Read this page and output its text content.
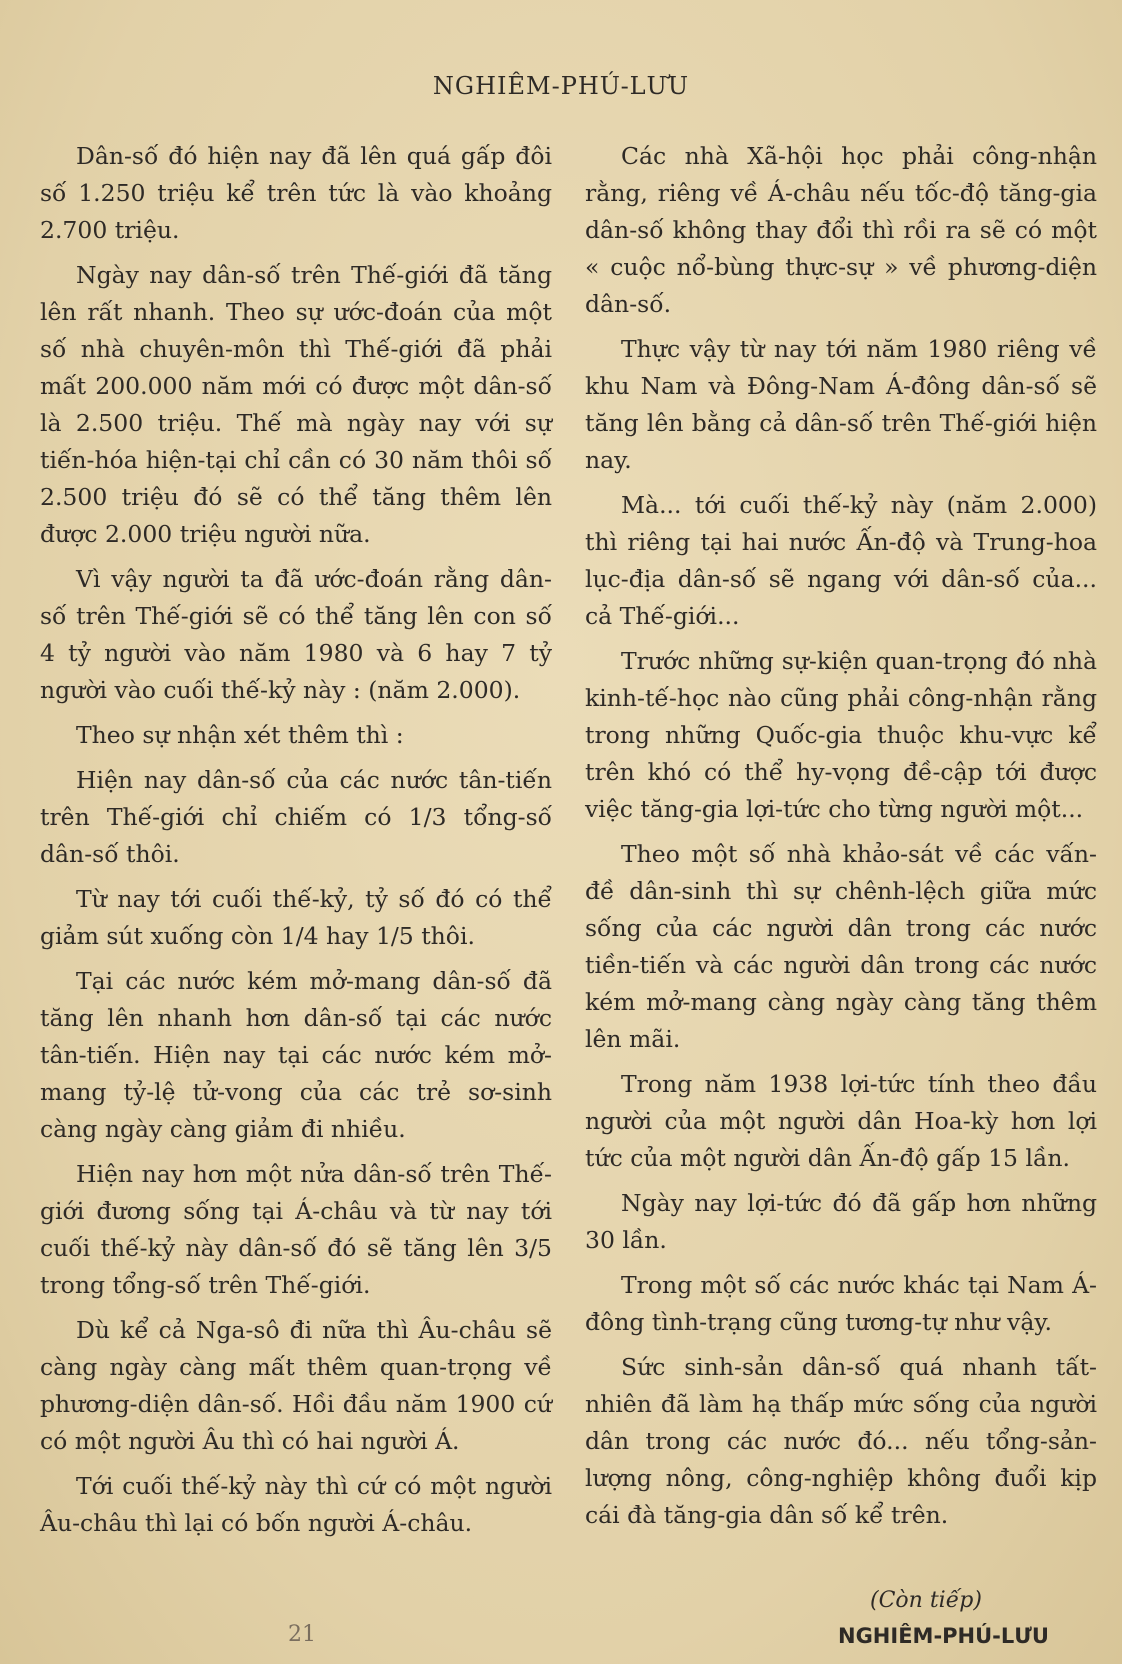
NGHIÊM-PHÚ-LƯU

Dân-số đó hiện nay đã lên quá gấp đôi số 1.250 triệu kể trên tức là vào khoảng 2.700 triệu.

Ngày nay dân-số trên Thế-giới đã tăng lên rất nhanh. Theo sự ước-đoán của một số nhà chuyên-môn thì Thế-giới đã phải mất 200.000 năm mới có được một dân-số là 2.500 triệu. Thế mà ngày nay với sự tiến-hóa hiện-tại chỉ cần có 30 năm thôi số 2.500 triệu đó sẽ có thể tăng thêm lên được 2.000 triệu người nữa.

Vì vậy người ta đã ước-đoán rằng dân-số trên Thế-giới sẽ có thể tăng lên con số 4 tỷ người vào năm 1980 và 6 hay 7 tỷ người vào cuối thế-kỷ này : (năm 2.000).

Theo sự nhận xét thêm thì :

Hiện nay dân-số của các nước tân-tiến trên Thế-giới chỉ chiếm có 1/3 tổng-số dân-số thôi.

Từ nay tới cuối thế-kỷ, tỷ số đó có thể giảm sút xuống còn 1/4 hay 1/5 thôi.

Tại các nước kém mở-mang dân-số đã tăng lên nhanh hơn dân-số tại các nước tân-tiến. Hiện nay tại các nước kém mở-mang tỷ-lệ tử-vong của các trẻ sơ-sinh càng ngày càng giảm đi nhiều.

Hiện nay hơn một nửa dân-số trên Thế-giới đương sống tại Á-châu và từ nay tới cuối thế-kỷ này dân-số đó sẽ tăng lên 3/5 trong tổng-số trên Thế-giới.

Dù kể cả Nga-sô đi nữa thì Âu-châu sẽ càng ngày càng mất thêm quan-trọng về phương-diện dân-số. Hồi đầu năm 1900 cứ có một người Âu thì có hai người Á.

Tới cuối thế-kỷ này thì cứ có một người Âu-châu thì lại có bốn người Á-châu.

Các nhà Xã-hội học phải công-nhận rằng, riêng về Á-châu nếu tốc-độ tăng-gia dân-số không thay đổi thì rồi ra sẽ có một « cuộc nổ-bùng thực-sự » về phương-diện dân-số.

Thực vậy từ nay tới năm 1980 riêng về khu Nam và Đông-Nam Á-đông dân-số sẽ tăng lên bằng cả dân-số trên Thế-giới hiện nay.

Mà... tới cuối thế-kỷ này (năm 2.000) thì riêng tại hai nước Ấn-độ và Trung-hoa lục-địa dân-số sẽ ngang với dân-số của... cả Thế-giới...

Trước những sự-kiện quan-trọng đó nhà kinh-tế-học nào cũng phải công-nhận rằng trong những Quốc-gia thuộc khu-vực kể trên khó có thể hy-vọng đề-cập tới được việc tăng-gia lợi-tức cho từng người một...

Theo một số nhà khảo-sát về các vấn-đề dân-sinh thì sự chênh-lệch giữa mức sống của các người dân trong các nước tiền-tiến và các người dân trong các nước kém mở-mang càng ngày càng tăng thêm lên mãi.

Trong năm 1938 lợi-tức tính theo đầu người của một người dân Hoa-kỳ hơn lợi tức của một người dân Ấn-độ gấp 15 lần.

Ngày nay lợi-tức đó đã gấp hơn những 30 lần.

Trong một số các nước khác tại Nam Á-đông tình-trạng cũng tương-tự như vậy.

Sức sinh-sản dân-số quá nhanh tất-nhiên đã làm hạ thấp mức sống của người dân trong các nước đó... nếu tổng-sản-lượng nông, công-nghiệp không đuổi kịp cái đà tăng-gia dân số kể trên.

(Còn tiếp)
NGHIÊM-PHÚ-LƯU
21
